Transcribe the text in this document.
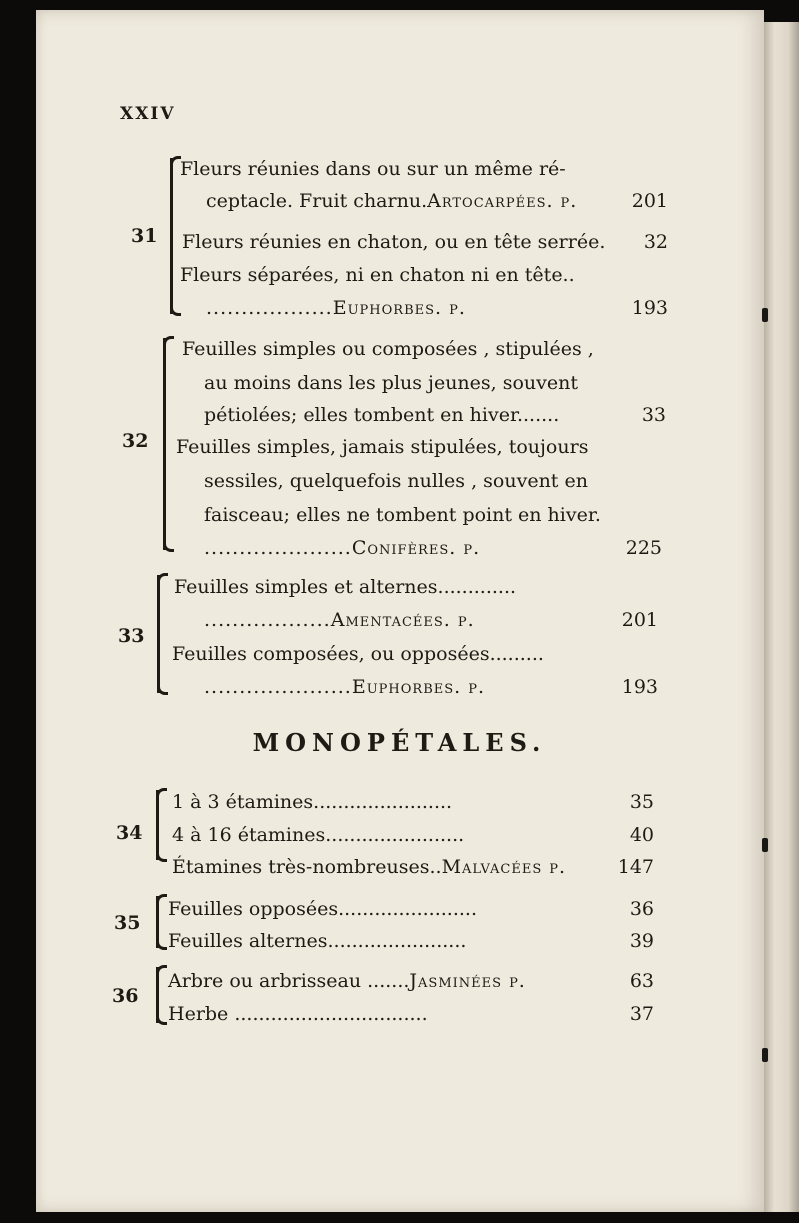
XXIV
31
Fleurs réunies dans ou sur un même ré-
ceptacle. Fruit charnu.Artocarpées. p.	201
Fleurs réunies en chaton, ou en tête serrée.	32
Fleurs séparées, ni en chaton ni en tête..
..................Euphorbes. p.	193
32
Feuilles simples ou composées , stipulées ,
au moins dans les plus jeunes, souvent
pétiolées; elles tombent en hiver.......	33
Feuilles simples, jamais stipulées, toujours
sessiles, quelquefois nulles , souvent en
faisceau; elles ne tombent point en hiver.
.....................Conifères. p.	225
33
Feuilles simples et alternes.............
..................Amentacées. p.	201
Feuilles composées, ou opposées.........
.....................Euphorbes. p.	193
MONOPÉTALES.
34
1 à 3 étamines.......................	35
4 à 16 étamines.......................	40
Étamines très-nombreuses..Malvacées p.	147
35
Feuilles opposées.......................	36
Feuilles alternes.......................	39
36
Arbre ou arbrisseau .......Jasminées p.	63
Herbe ................................	37
